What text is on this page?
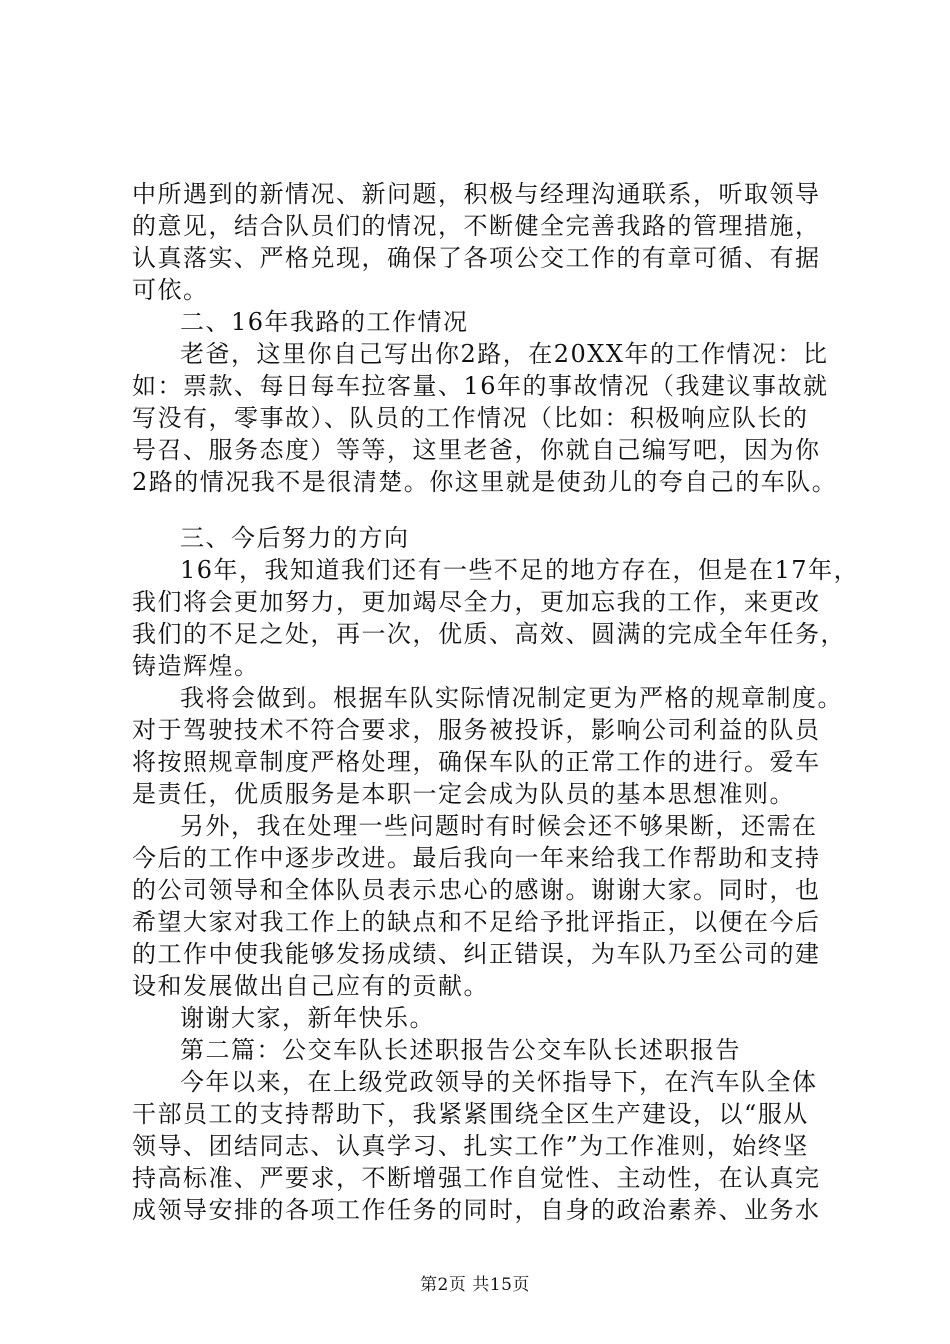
中所遇到的新情况、新问题，积极与经理沟通联系，听取领导
的意见，结合队员们的情况，不断健全完善我路的管理措施，
认真落实、严格兑现，确保了各项公交工作的有章可循、有据
可依。
二、16年我路的工作情况
老爸，这里你自己写出你2路，在20XX年的工作情况：比
如：票款、每日每车拉客量、16年的事故情况（我建议事故就
写没有，零事故）、队员的工作情况（比如：积极响应队长的
号召、服务态度）等等，这里老爸，你就自己编写吧，因为你
2路的情况我不是很清楚。你这里就是使劲儿的夸自己的车队。
三、今后努力的方向
16年，我知道我们还有一些不足的地方存在，但是在17年，
我们将会更加努力，更加竭尽全力，更加忘我的工作，来更改
我们的不足之处，再一次，优质、高效、圆满的完成全年任务，
铸造辉煌。
我将会做到。根据车队实际情况制定更为严格的规章制度。
对于驾驶技术不符合要求，服务被投诉，影响公司利益的队员
将按照规章制度严格处理，确保车队的正常工作的进行。爱车
是责任，优质服务是本职一定会成为队员的基本思想准则。
另外，我在处理一些问题时有时候会还不够果断，还需在
今后的工作中逐步改进。最后我向一年来给我工作帮助和支持
的公司领导和全体队员表示忠心的感谢。谢谢大家。同时，也
希望大家对我工作上的缺点和不足给予批评指正，以便在今后
的工作中使我能够发扬成绩、纠正错误，为车队乃至公司的建
设和发展做出自己应有的贡献。
谢谢大家，新年快乐。
第二篇：公交车队长述职报告公交车队长述职报告
今年以来，在上级党政领导的关怀指导下，在汽车队全体
干部员工的支持帮助下，我紧紧围绕全区生产建设，以“服从
领导、团结同志、认真学习、扎实工作”为工作准则，始终坚
持高标准、严要求，不断增强工作自觉性、主动性，在认真完
成领导安排的各项工作任务的同时，自身的政治素养、业务水
第2页 共15页
